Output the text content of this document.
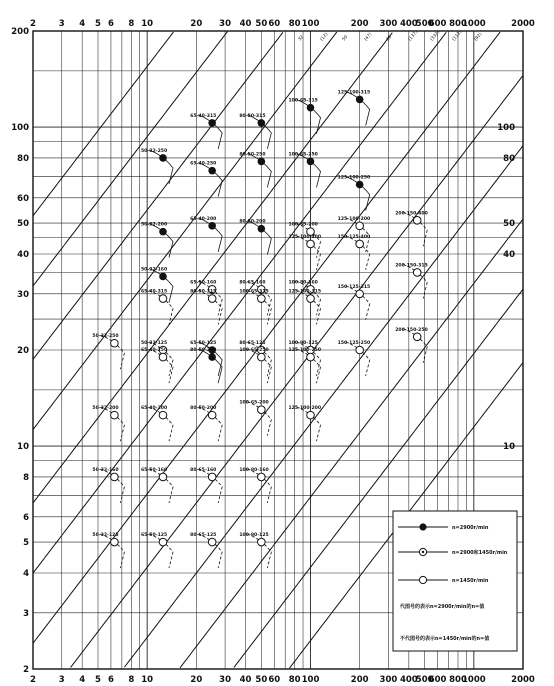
2	3 4 5 6 8 10	20 30 40 50 60 80 100	200 300 400
500
600 800
1000	2000
2	3 4 5 6 8 10	20 30 40 50 60 80 100	200 300 400
500
600 800
1000	2000
2
3
4
5
6
8
10
20
30
40
50
60
80
100
200
10
40
50
80
100
32	(12)	50	(47)	80	(137) (332) (112) (92)
65-40-315	80-50-315
100-65-315
125-100-315
50-32-250
65-40-250
80-50-250	100-65-250
125-100-250
50-32-200
65-40-200
80-50-200
100-65-200
125-100-200
200-150-400
125-100-400	150-125-400
50-32-160
65-40-315
65-50-160
80-50-315
80-65-160
100-65-315
100-80-160
125-100-315
150-125-315
200-150-315
50-32-250
50-32-125
65-40-250
65-50-125
80-50-250
80-65-125
100-65-250
100-80-125
125-100-250
150-125-250
200-150-250
50-32-200	65-40-200	80-50-200
100-65-200
125-100-200
50-32-160	65-50-160	80-65-160	100-80-160
50-32-125	65-50-125	80-65-125	100-80-125
n=2900r/min
n=2900和1450r/min
n=1450r/min
代图号的表示n=2900r/min的n=值
不代图号的表示n=1450r/min的n=值
